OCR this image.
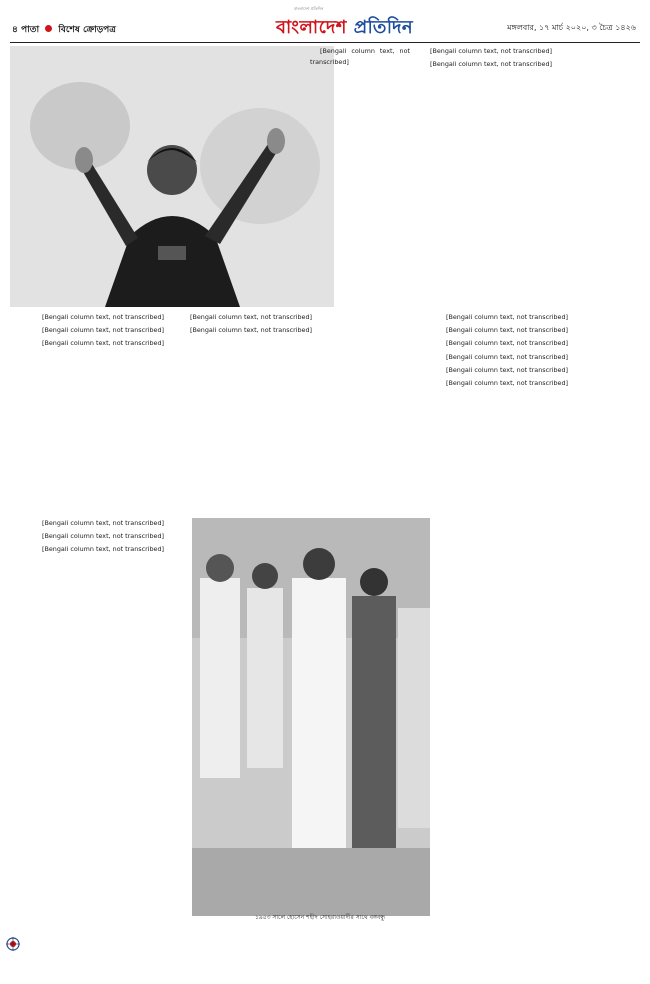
৪ পাতা বিশেষ ক্রোড়পত্র
বাংলাদেশ প্রতিদিন
বাংলাদেশ প্রতিদিন	মঙ্গলবার, ১৭ মার্চ ২০২০, ৩ চৈত্র ১৪২৬

[Bengali column text, not transcribed]

[Bengali column text, not transcribed]

[Bengali column text, not transcribed]

[Bengali column text, not transcribed]

[Bengali column text, not transcribed]

[Bengali column text, not transcribed]

[Bengali column text, not transcribed]

[Bengali column text, not transcribed]

[Bengali column text, not transcribed]

১৯৫৩ সালে হোসেন শহীদ সোহরাওয়ার্দীর সাথে বঙ্গবন্ধু

[Bengali column text, not transcribed]

[Bengali column text, not transcribed]

[Bengali column text, not transcribed]

[Bengali column text, not transcribed]

[Bengali column text, not transcribed]

[Bengali column text, not transcribed]

[Bengali column text, not transcribed]

[Bengali column text, not transcribed]
